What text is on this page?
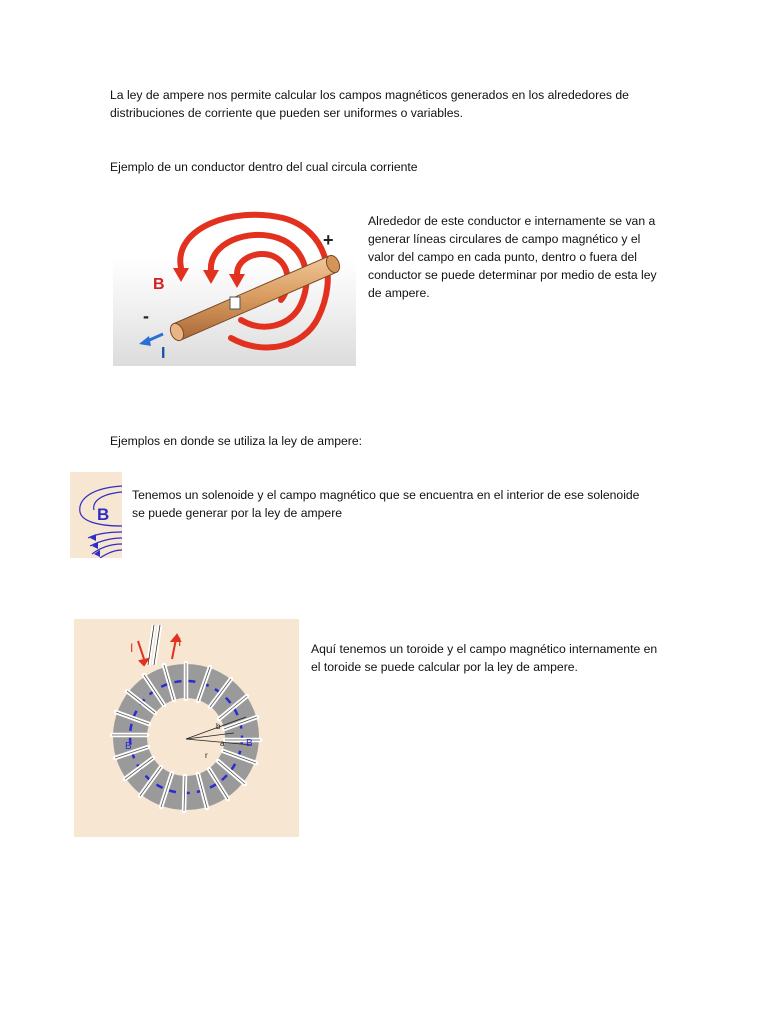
La ley de ampere nos permite calcular los campos magnéticos generados en los alrededores de distribuciones de corriente que pueden ser uniformes o variables.

Ejemplo de un conductor dentro del cual circula corriente

B
+
-
I

Alrededor de este conductor e internamente se van a generar líneas circulares de campo magnético y el valor del campo en cada punto, dentro o fuera del conductor se puede determinar por medio de esta ley de ampere.

Ejemplos en donde se utiliza la ley de ampere:

B

Tenemos un solenoide y el campo magnético que se encuentra en el interior de ese solenoide se puede generar por la ley de ampere

I	I
b
a
r
B	B

Aquí tenemos un toroide y el campo magnético internamente en el toroide se puede calcular por la ley de ampere.
